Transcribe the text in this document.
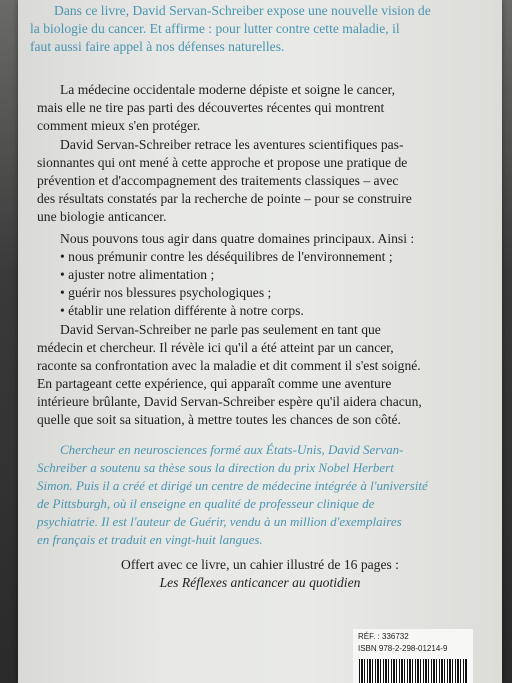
Dans ce livre, David Servan-Schreiber expose une nouvelle vision de

la biologie du cancer. Et affirme : pour lutter contre cette maladie, il

faut aussi faire appel à nos défenses naturelles.

La médecine occidentale moderne dépiste et soigne le cancer,

mais elle ne tire pas parti des découvertes récentes qui montrent

comment mieux s'en protéger.

David Servan-Schreiber retrace les aventures scientifiques pas-

sionnantes qui ont mené à cette approche et propose une pratique de

prévention et d'accompagnement des traitements classiques – avec

des résultats constatés par la recherche de pointe – pour se construire

une biologie anticancer.

Nous pouvons tous agir dans quatre domaines principaux. Ainsi :

• nous prémunir contre les déséquilibres de l'environnement ;

• ajuster notre alimentation ;

• guérir nos blessures psychologiques ;

• établir une relation différente à notre corps.

David Servan-Schreiber ne parle pas seulement en tant que

médecin et chercheur. Il révèle ici qu'il a été atteint par un cancer,

raconte sa confrontation avec la maladie et dit comment il s'est soigné.

En partageant cette expérience, qui apparaît comme une aventure

intérieure brûlante, David Servan-Schreiber espère qu'il aidera chacun,

quelle que soit sa situation, à mettre toutes les chances de son côté.

Chercheur en neurosciences formé aux États-Unis, David Servan-

Schreiber a soutenu sa thèse sous la direction du prix Nobel Herbert

Simon. Puis il a créé et dirigé un centre de médecine intégrée à l'université

de Pittsburgh, où il enseigne en qualité de professeur clinique de

psychiatrie. Il est l'auteur de Guérir, vendu à un million d'exemplaires

en français et traduit en vingt-huit langues.

Offert avec ce livre, un cahier illustré de 16 pages :

Les Réflexes anticancer au quotidien

RÉF. : 336732
ISBN 978-2-298-01214-9
